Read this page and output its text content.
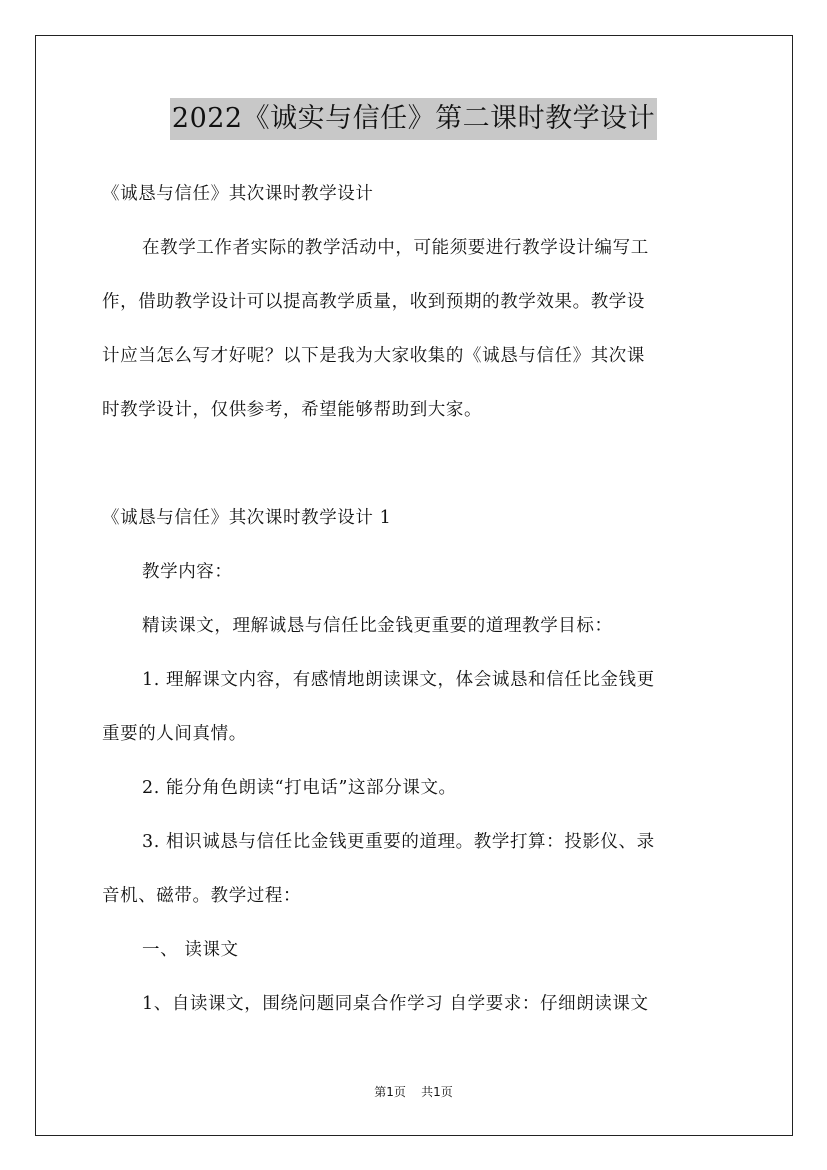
2022《诚实与信任》第二课时教学设计
《诚恳与信任》其次课时教学设计
在教学工作者实际的教学活动中，可能须要进行教学设计编写工
作，借助教学设计可以提高教学质量，收到预期的教学效果。教学设
计应当怎么写才好呢？以下是我为大家收集的《诚恳与信任》其次课
时教学设计，仅供参考，希望能够帮助到大家。
《诚恳与信任》其次课时教学设计 1
教学内容：
精读课文，理解诚恳与信任比金钱更重要的道理教学目标：
1. 理解课文内容，有感情地朗读课文，体会诚恳和信任比金钱更
重要的人间真情。
2. 能分角色朗读“打电话”这部分课文。
3. 相识诚恳与信任比金钱更重要的道理。教学打算：投影仪、录
音机、磁带。教学过程：
一、 读课文
1、自读课文，围绕问题同桌合作学习 自学要求：仔细朗读课文
第1页 共1页
